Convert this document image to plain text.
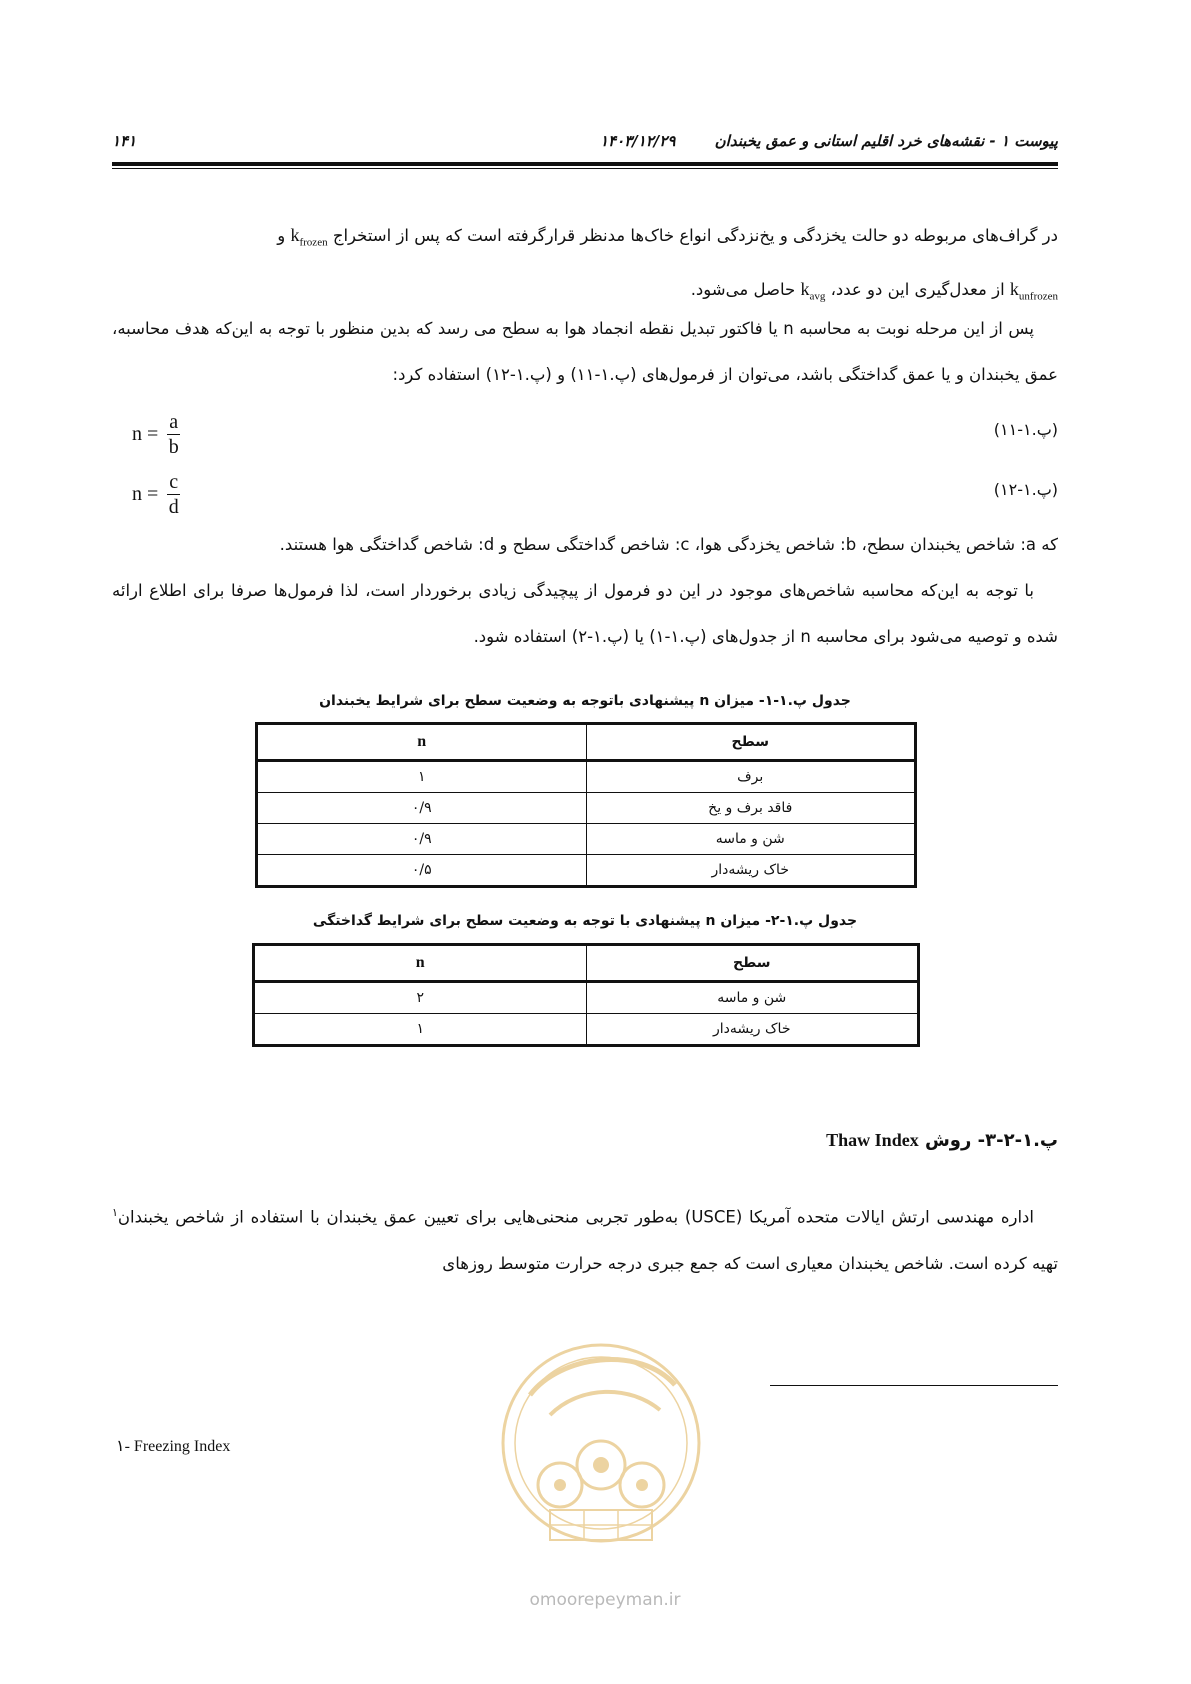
پیوست ۱ - نقشه‌های خرد اقلیم استانی و عمق یخبندان ۱۴۰۳/۱۲/۲۹
۱۴۱
در گراف‌های مربوطه دو حالت یخزدگی و یخ‌نزدگی انواع خاک‌ها مدنظر قرارگرفته است که پس از استخراج $k_{frozen}$ و
$k_{unfrozen}$ از معدل‌گیری این دو عدد، $k_{avg}$ حاصل می‌شود.
پس از این مرحله نوبت به محاسبه n یا فاکتور تبدیل نقطه انجماد هوا به سطح می رسد که بدین منظور با توجه به این‌که هدف محاسبه، عمق یخبندان و یا عمق گداختگی باشد، می‌توان از فرمول‌های (پ.۱-۱۱) و (پ.۱-۱۲) استفاده کرد:
$n = \frac{a}{b}$	(پ.۱-۱۱)
$n = \frac{c}{d}$	(پ.۱-۱۲)
که a: شاخص یخبندان سطح، b: شاخص یخزدگی هوا، c: شاخص گداختگی سطح و d: شاخص گداختگی هوا هستند.
با توجه به این‌که محاسبه شاخص‌های موجود در این دو فرمول از پیچیدگی زیادی برخوردار است، لذا فرمول‌ها صرفا برای اطلاع ارائه شده و توصیه می‌شود برای محاسبه n از جدول‌های (پ.۱-۱) یا (پ.۱-۲) استفاده شود.
جدول پ.۱-۱- میزان n پیشنهادی باتوجه به وضعیت سطح برای شرایط یخبندان
سطح	n
برف	۱
فاقد برف و یخ	۰/۹
شن و ماسه	۰/۹
خاک ریشه‌دار	۰/۵
جدول پ.۱-۲- میزان n پیشنهادی با توجه به وضعیت سطح برای شرایط گداختگی
سطح	n
شن و ماسه	۲
خاک ریشه‌دار	۱
پ.۱-۲-۳- روش Thaw Index
اداره مهندسی ارتش ایالات متحده آمریکا (USCE) به‌طور تجربی منحنی‌هایی برای تعیین عمق یخبندان با استفاده از شاخص یخبندان$^۱$ تهیه کرده است. شاخص یخبندان معیاری است که جمع جبری درجه حرارت متوسط روزهای
۱- Freezing Index
omoorepeyman.ir
